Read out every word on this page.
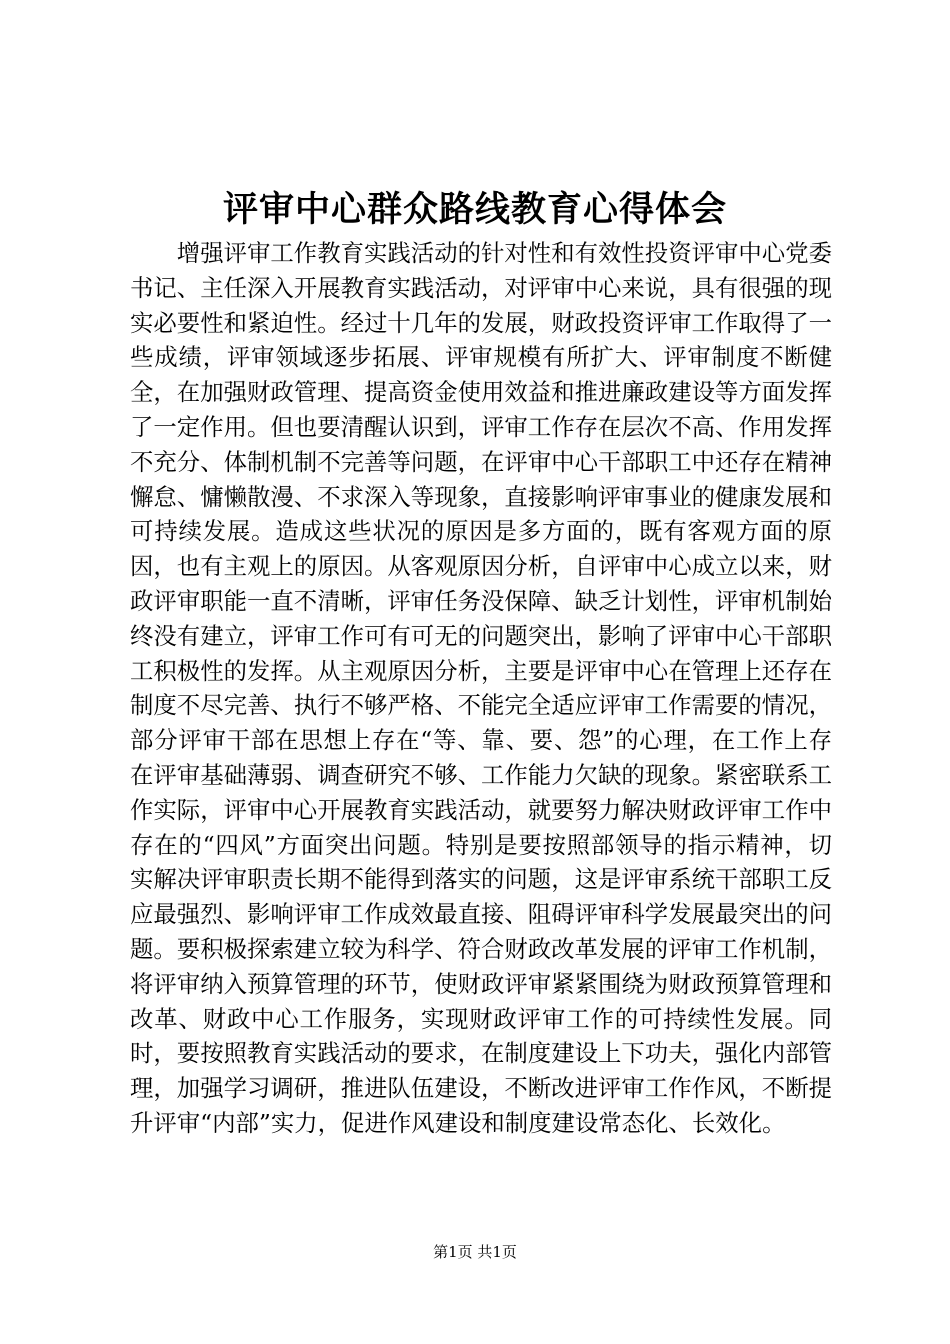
评审中心群众路线教育心得体会

增强评审工作教育实践活动的针对性和有效性投资评审中心党委书记、主任深入开展教育实践活动，对评审中心来说，具有很强的现实必要性和紧迫性。经过十几年的发展，财政投资评审工作取得了一些成绩，评审领域逐步拓展、评审规模有所扩大、评审制度不断健全，在加强财政管理、提高资金使用效益和推进廉政建设等方面发挥了一定作用。但也要清醒认识到，评审工作存在层次不高、作用发挥不充分、体制机制不完善等问题，在评审中心干部职工中还存在精神懈怠、慵懒散漫、不求深入等现象，直接影响评审事业的健康发展和可持续发展。造成这些状况的原因是多方面的，既有客观方面的原因，也有主观上的原因。从客观原因分析，自评审中心成立以来，财政评审职能一直不清晰，评审任务没保障、缺乏计划性，评审机制始终没有建立，评审工作可有可无的问题突出，影响了评审中心干部职工积极性的发挥。从主观原因分析，主要是评审中心在管理上还存在制度不尽完善、执行不够严格、不能完全适应评审工作需要的情况，部分评审干部在思想上存在“等、靠、要、怨”的心理，在工作上存在评审基础薄弱、调查研究不够、工作能力欠缺的现象。紧密联系工作实际，评审中心开展教育实践活动，就要努力解决财政评审工作中存在的“四风”方面突出问题。特别是要按照部领导的指示精神，切实解决评审职责长期不能得到落实的问题，这是评审系统干部职工反应最强烈、影响评审工作成效最直接、阻碍评审科学发展最突出的问题。要积极探索建立较为科学、符合财政改革发展的评审工作机制，将评审纳入预算管理的环节，使财政评审紧紧围绕为财政预算管理和改革、财政中心工作服务，实现财政评审工作的可持续性发展。同时，要按照教育实践活动的要求，在制度建设上下功夫，强化内部管理，加强学习调研，推进队伍建设，不断改进评审工作作风，不断提升评审“内部”实力，促进作风建设和制度建设常态化、长效化。

第1页 共1页
